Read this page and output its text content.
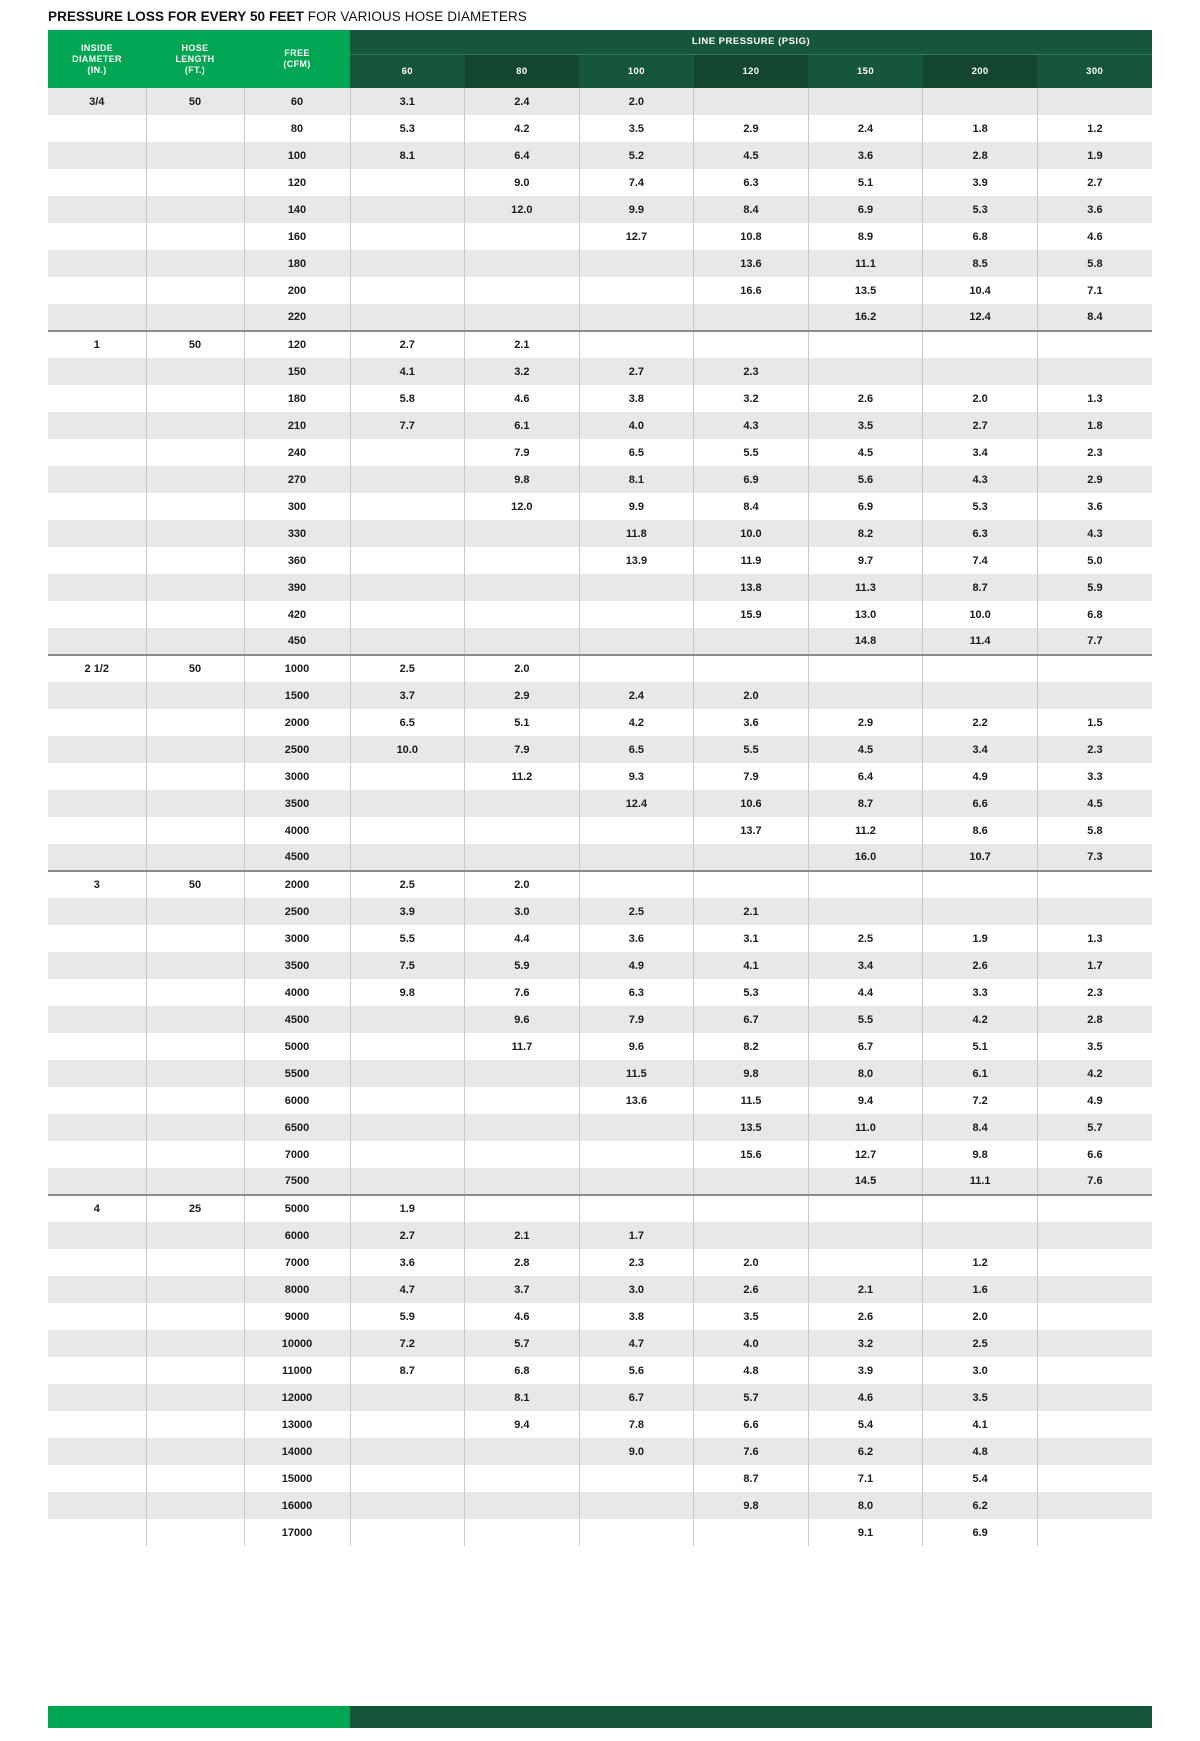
PRESSURE LOSS FOR EVERY 50 FEET FOR VARIOUS HOSE DIAMETERS
INSIDE
DIAMETER
(IN.)	HOSE
LENGTH
(FT.)	FREE
(CFM)	LINE PRESSURE (PSIG)						
			60	80	100	120	150	200	300
3/4	50	60	3.1	2.4	2.0				
		80	5.3	4.2	3.5	2.9	2.4	1.8	1.2
		100	8.1	6.4	5.2	4.5	3.6	2.8	1.9
		120		9.0	7.4	6.3	5.1	3.9	2.7
		140		12.0	9.9	8.4	6.9	5.3	3.6
		160			12.7	10.8	8.9	6.8	4.6
		180				13.6	11.1	8.5	5.8
		200				16.6	13.5	10.4	7.1
		220					16.2	12.4	8.4
1	50	120	2.7	2.1					
		150	4.1	3.2	2.7	2.3			
		180	5.8	4.6	3.8	3.2	2.6	2.0	1.3
		210	7.7	6.1	4.0	4.3	3.5	2.7	1.8
		240		7.9	6.5	5.5	4.5	3.4	2.3
		270		9.8	8.1	6.9	5.6	4.3	2.9
		300		12.0	9.9	8.4	6.9	5.3	3.6
		330			11.8	10.0	8.2	6.3	4.3
		360			13.9	11.9	9.7	7.4	5.0
		390				13.8	11.3	8.7	5.9
		420				15.9	13.0	10.0	6.8
		450					14.8	11.4	7.7
2 1/2	50	1000	2.5	2.0					
		1500	3.7	2.9	2.4	2.0			
		2000	6.5	5.1	4.2	3.6	2.9	2.2	1.5
		2500	10.0	7.9	6.5	5.5	4.5	3.4	2.3
		3000		11.2	9.3	7.9	6.4	4.9	3.3
		3500			12.4	10.6	8.7	6.6	4.5
		4000				13.7	11.2	8.6	5.8
		4500					16.0	10.7	7.3
3	50	2000	2.5	2.0					
		2500	3.9	3.0	2.5	2.1			
		3000	5.5	4.4	3.6	3.1	2.5	1.9	1.3
		3500	7.5	5.9	4.9	4.1	3.4	2.6	1.7
		4000	9.8	7.6	6.3	5.3	4.4	3.3	2.3
		4500		9.6	7.9	6.7	5.5	4.2	2.8
		5000		11.7	9.6	8.2	6.7	5.1	3.5
		5500			11.5	9.8	8.0	6.1	4.2
		6000			13.6	11.5	9.4	7.2	4.9
		6500				13.5	11.0	8.4	5.7
		7000				15.6	12.7	9.8	6.6
		7500					14.5	11.1	7.6
4	25	5000	1.9						
		6000	2.7	2.1	1.7				
		7000	3.6	2.8	2.3	2.0		1.2	
		8000	4.7	3.7	3.0	2.6	2.1	1.6	
		9000	5.9	4.6	3.8	3.5	2.6	2.0	
		10000	7.2	5.7	4.7	4.0	3.2	2.5	
		11000	8.7	6.8	5.6	4.8	3.9	3.0	
		12000		8.1	6.7	5.7	4.6	3.5	
		13000		9.4	7.8	6.6	5.4	4.1	
		14000			9.0	7.6	6.2	4.8	
		15000				8.7	7.1	5.4	
		16000				9.8	8.0	6.2	
		17000					9.1	6.9	
